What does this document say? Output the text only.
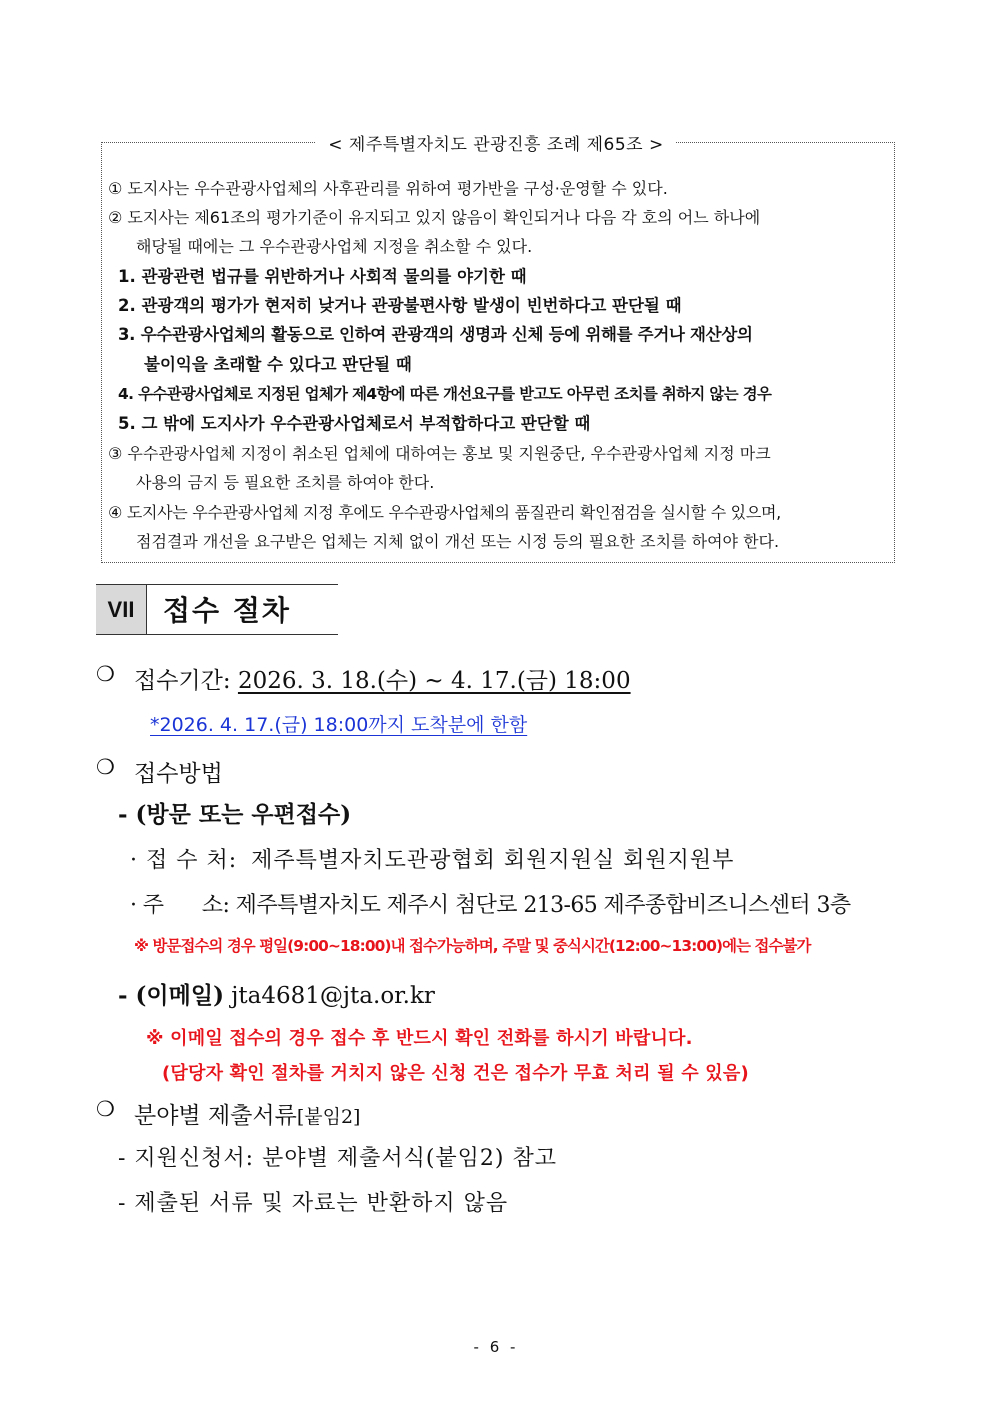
< 제주특별자치도 관광진흥 조례 제65조 >
① 도지사는 우수관광사업체의 사후관리를 위하여 평가반을 구성·운영할 수 있다.
② 도지사는 제61조의 평가기준이 유지되고 있지 않음이 확인되거나 다음 각 호의 어느 하나에
해당될 때에는 그 우수관광사업체 지정을 취소할 수 있다.
1. 관광관련 법규를 위반하거나 사회적 물의를 야기한 때
2. 관광객의 평가가 현저히 낮거나 관광불편사항 발생이 빈번하다고 판단될 때
3. 우수관광사업체의 활동으로 인하여 관광객의 생명과 신체 등에 위해를 주거나 재산상의
불이익을 초래할 수 있다고 판단될 때
4. 우수관광사업체로 지정된 업체가 제4항에 따른 개선요구를 받고도 아무런 조치를 취하지 않는 경우
5. 그 밖에 도지사가 우수관광사업체로서 부적합하다고 판단할 때
③ 우수관광사업체 지정이 취소된 업체에 대하여는 홍보 및 지원중단, 우수관광사업체 지정 마크
사용의 금지 등 필요한 조치를 하여야 한다.
④ 도지사는 우수관광사업체 지정 후에도 우수관광사업체의 품질관리 확인점검을 실시할 수 있으며,
점검결과 개선을 요구받은 업체는 지체 없이 개선 또는 시정 등의 필요한 조치를 하여야 한다.
VII	접수 절차
❍ 접수기간: 2026. 3. 18.(수) ~ 4. 17.(금) 18:00
*2026. 4. 17.(금) 18:00까지 도착분에 한함
❍ 접수방법
- (방문 또는 우편접수)
· 접 수 처: 제주특별자치도관광협회 회원지원실 회원지원부
· 주      소: 제주특별자치도 제주시 첨단로 213-65 제주종합비즈니스센터 3층
※ 방문접수의 경우 평일(9:00~18:00)내 접수가능하며, 주말 및 중식시간(12:00~13:00)에는 접수불가
- (이메일) jta4681@jta.or.kr
※ 이메일 접수의 경우 접수 후 반드시 확인 전화를 하시기 바랍니다.
(담당자 확인 절차를 거치지 않은 신청 건은 접수가 무효 처리 될 수 있음)
❍ 분야별 제출서류[붙임2]
- 지원신청서: 분야별 제출서식(붙임2) 참고
- 제출된 서류 및 자료는 반환하지 않음
- 6 -
